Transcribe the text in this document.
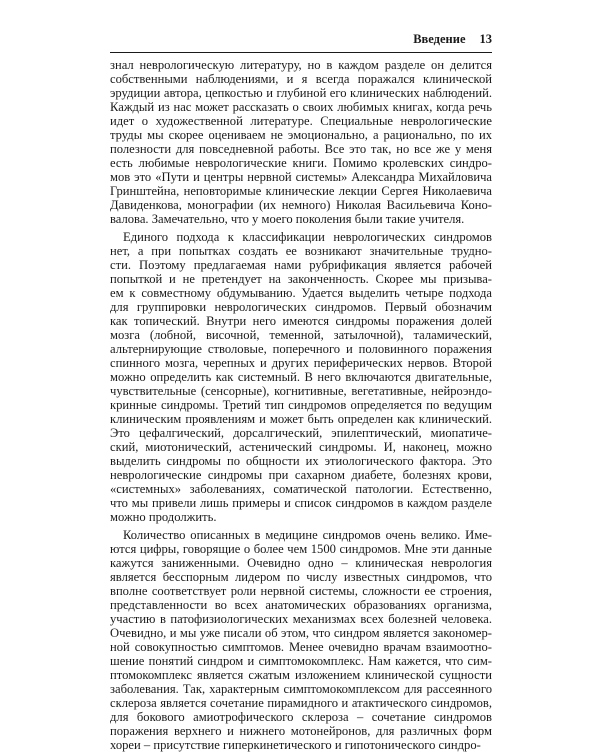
Введение 13
знал неврологическую литературу, но в каждом разделе он делится
собственными наблюдениями, и я всегда поражался клинической
эрудиции автора, цепкостью и глубиной его клинических наблюдений.
Каждый из нас может рассказать о своих любимых книгах, когда речь
идет о художественной литературе. Специальные неврологические
труды мы скорее оцениваем не эмоционально, а рационально, по их
полезности для повседневной работы. Все это так, но все же у меня
есть любимые неврологические книги. Помимо кролевских синдро-
мов это «Пути и центры нервной системы» Александра Михайловича
Гринштейна, неповторимые клинические лекции Сергея Николаевича
Давиденкова, монографии (их немного) Николая Васильевича Коно-
валова. Замечательно, что у моего поколения были такие учителя.
Единого подхода к классификации неврологических синдромов
нет, а при попытках создать ее возникают значительные трудно-
сти. Поэтому предлагаемая нами рубрификация является рабочей
попыткой и не претендует на законченность. Скорее мы призыва-
ем к совместному обдумыванию. Удается выделить четыре подхода
для группировки неврологических синдромов. Первый обозначим
как топический. Внутри него имеются синдромы поражения долей
мозга (лобной, височной, теменной, затылочной), таламический,
альтернирующие стволовые, поперечного и половинного поражения
спинного мозга, черепных и других периферических нервов. Второй
можно определить как системный. В него включаются двигательные,
чувствительные (сенсорные), когнитивные, вегетативные, нейроэндо-
кринные синдромы. Третий тип синдромов определяется по ведущим
клиническим проявлениям и может быть определен как клинический.
Это цефалгический, дорсалгический, эпилептический, миопатиче-
ский, миотонический, астенический синдромы. И, наконец, можно
выделить синдромы по общности их этиологического фактора. Это
неврологические синдромы при сахарном диабете, болезнях крови,
«системных» заболеваниях, соматической патологии. Естественно,
что мы привели лишь примеры и список синдромов в каждом разделе
можно продолжить.
Количество описанных в медицине синдромов очень велико. Име-
ются цифры, говорящие о более чем 1500 синдромов. Мне эти данные
кажутся заниженными. Очевидно одно – клиническая неврология
является бесспорным лидером по числу известных синдромов, что
вполне соответствует роли нервной системы, сложности ее строения,
представленности во всех анатомических образованиях организма,
участию в патофизиологических механизмах всех болезней человека.
Очевидно, и мы уже писали об этом, что синдром является закономер-
ной совокупностью симптомов. Менее очевидно врачам взаимоотно-
шение понятий синдром и симптомокомплекс. Нам кажется, что сим-
птомокомплекс является сжатым изложением клинической сущности
заболевания. Так, характерным симптомокомплексом для рассеянного
склероза является сочетание пирамидного и атактического синдромов,
для бокового амиотрофического склероза – сочетание синдромов
поражения верхнего и нижнего мотонейронов, для различных форм
хореи – присутствие гиперкинетического и гипотонического синдро-
